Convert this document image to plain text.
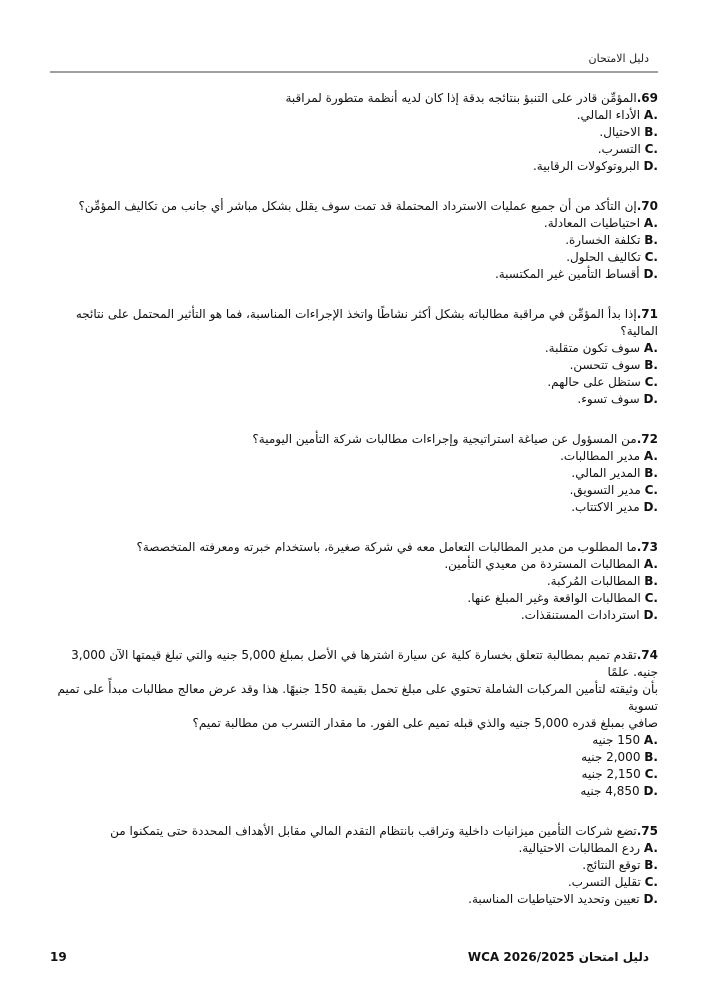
دليل الامتحان
69.المؤمِّن قادر على التنبؤ بنتائجه بدقة إذا كان لديه أنظمة متطورة لمراقبة
A. الأداء المالي.
B. الاحتيال.
C. التسرب.
D. البروتوكولات الرقابية.
70.إن التأكد من أن جميع عمليات الاسترداد المحتملة قد تمت سوف يقلل بشكل مباشر أي جانب من تكاليف المؤمِّن؟
A. احتياطيات المعادلة.
B. تكلفة الخسارة.
C. تكاليف الحلول.
D. أقساط التأمين غير المكتسبة.
71.إذا بدأ المؤمِّن في مراقبة مطالباته بشكل أكثر نشاطًا واتخذ الإجراءات المناسبة، فما هو التأثير المحتمل على نتائجه المالية؟
A. سوف تكون متقلبة.
B. سوف تتحسن.
C. ستظل على حالهم.
D. سوف تسوء.
72.من المسؤول عن صياغة استراتيجية وإجراءات مطالبات شركة التأمين اليومية؟
A. مدير المطالبات.
B. المدير المالي.
C. مدير التسويق.
D. مدير الاكتتاب.
73.ما المطلوب من مدير المطالبات التعامل معه في شركة صغيرة، باستخدام خبرته ومعرفته المتخصصة؟
A. المطالبات المستردة من معيدي التأمين.
B. المطالبات المُركبة.
C. المطالبات الواقعة وغير المبلغ عنها.
D. استردادات المستنقذات.
74.تقدم تميم بمطالبة تتعلق بخسارة كلية عن سيارة اشترها في الأصل بمبلغ 5,000 جنيه والتي تبلغ قيمتها الآن 3,000 جنيه. علمًا
بأن وثيقته لتأمين المركبات الشاملة تحتوي على مبلغ تحمل بقيمة 150 جنيهًا. هذا وقد عرض معالج مطالبات مبدأً على تميم تسوية
صافي بمبلغ قدره 5,000 جنيه والذي قبله تميم على الفور. ما مقدار التسرب من مطالبة تميم؟
A. 150 جنيه
B. 2,000 جنيه
C. 2,150 جنيه
D. 4,850 جنيه
75.تضع شركات التأمين ميزانيات داخلية وتراقب بانتظام التقدم المالي مقابل الأهداف المحددة حتى يتمكنوا من
A. ردع المطالبات الاحتيالية.
B. توقع النتائج.
C. تقليل التسرب.
D. تعيين وتحديد الاحتياطيات المناسبة.
دليل امتحان WCA 2026/2025
19
